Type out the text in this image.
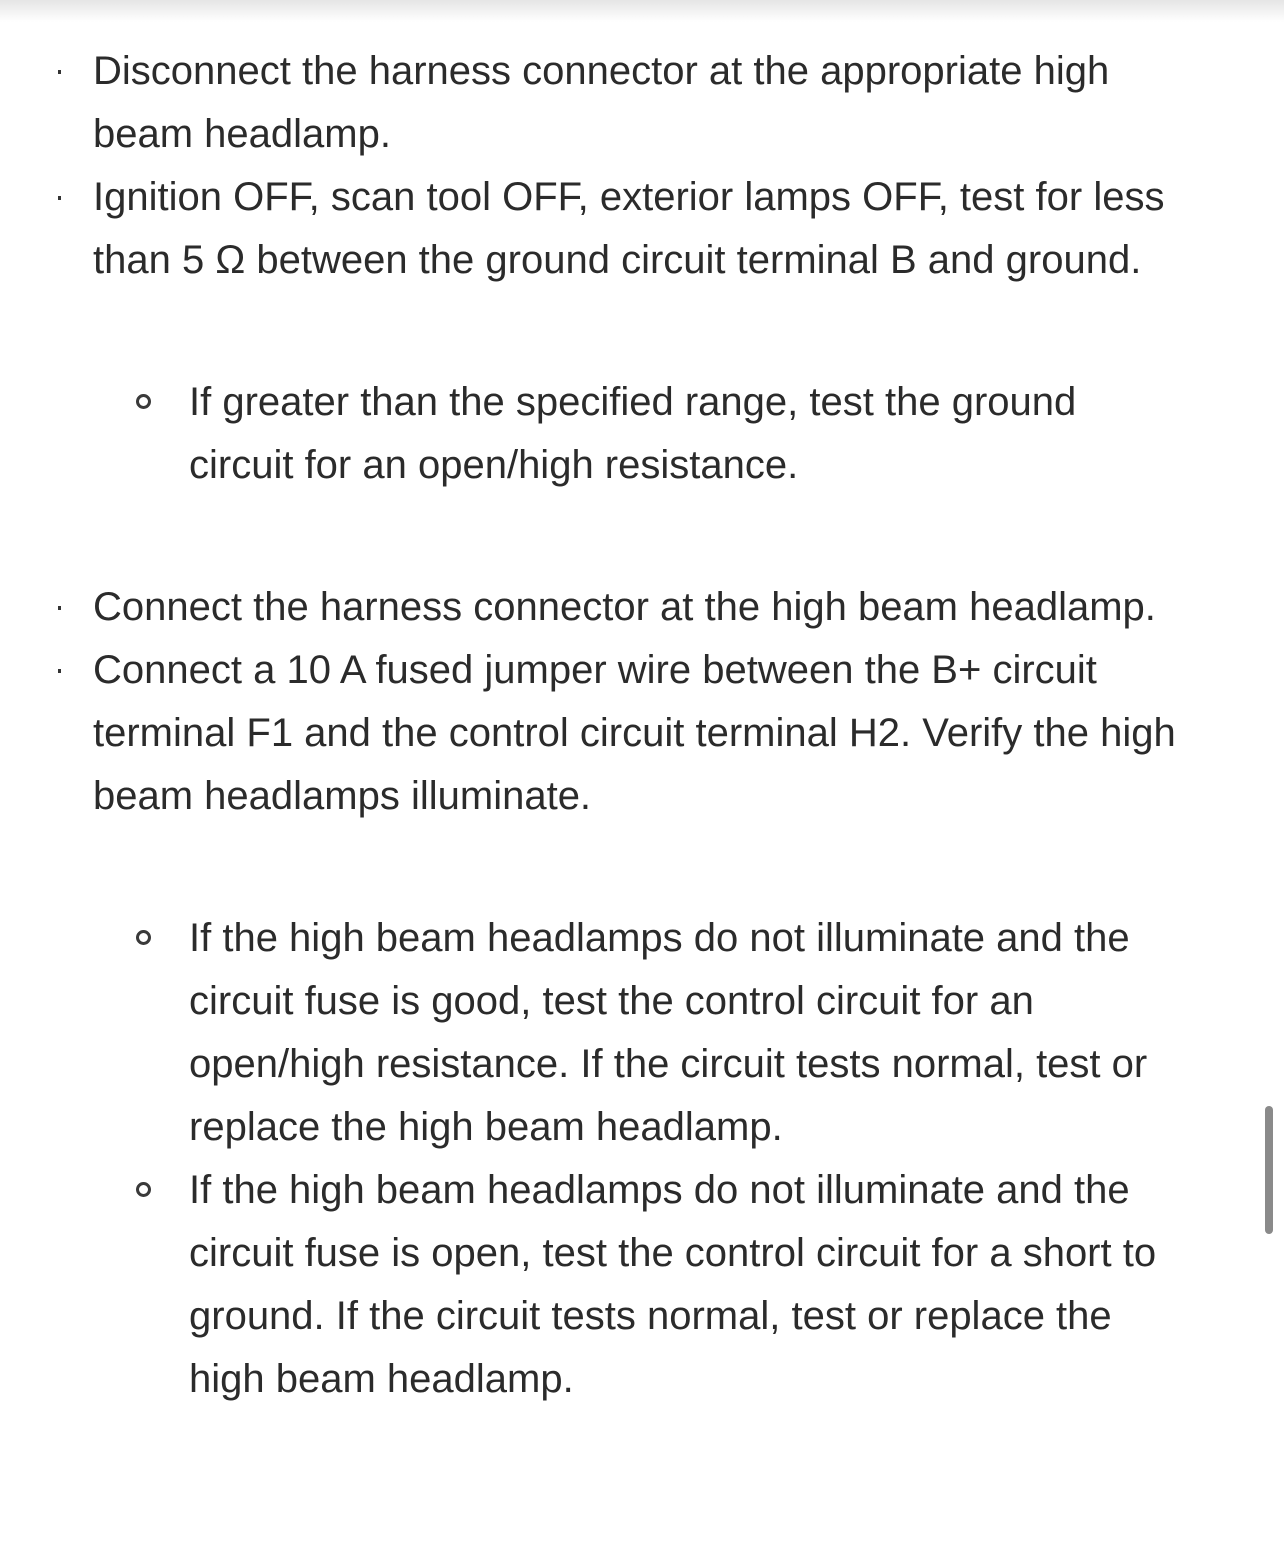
Disconnect the harness connector at the appropriate high beam headlamp.
Ignition OFF, scan tool OFF, exterior lamps OFF, test for less than 5 Ω between the ground circuit terminal B and ground.
If greater than the specified range, test the ground circuit for an open/high resistance.
Connect the harness connector at the high beam headlamp.
Connect a 10 A fused jumper wire between the B+ circuit terminal F1 and the control circuit terminal H2. Verify the high beam headlamps illuminate.
If the high beam headlamps do not illuminate and the circuit fuse is good, test the control circuit for an open/high resistance. If the circuit tests normal, test or replace the high beam headlamp.
If the high beam headlamps do not illuminate and the circuit fuse is open, test the control circuit for a short to ground. If the circuit tests normal, test or replace the high beam headlamp.
